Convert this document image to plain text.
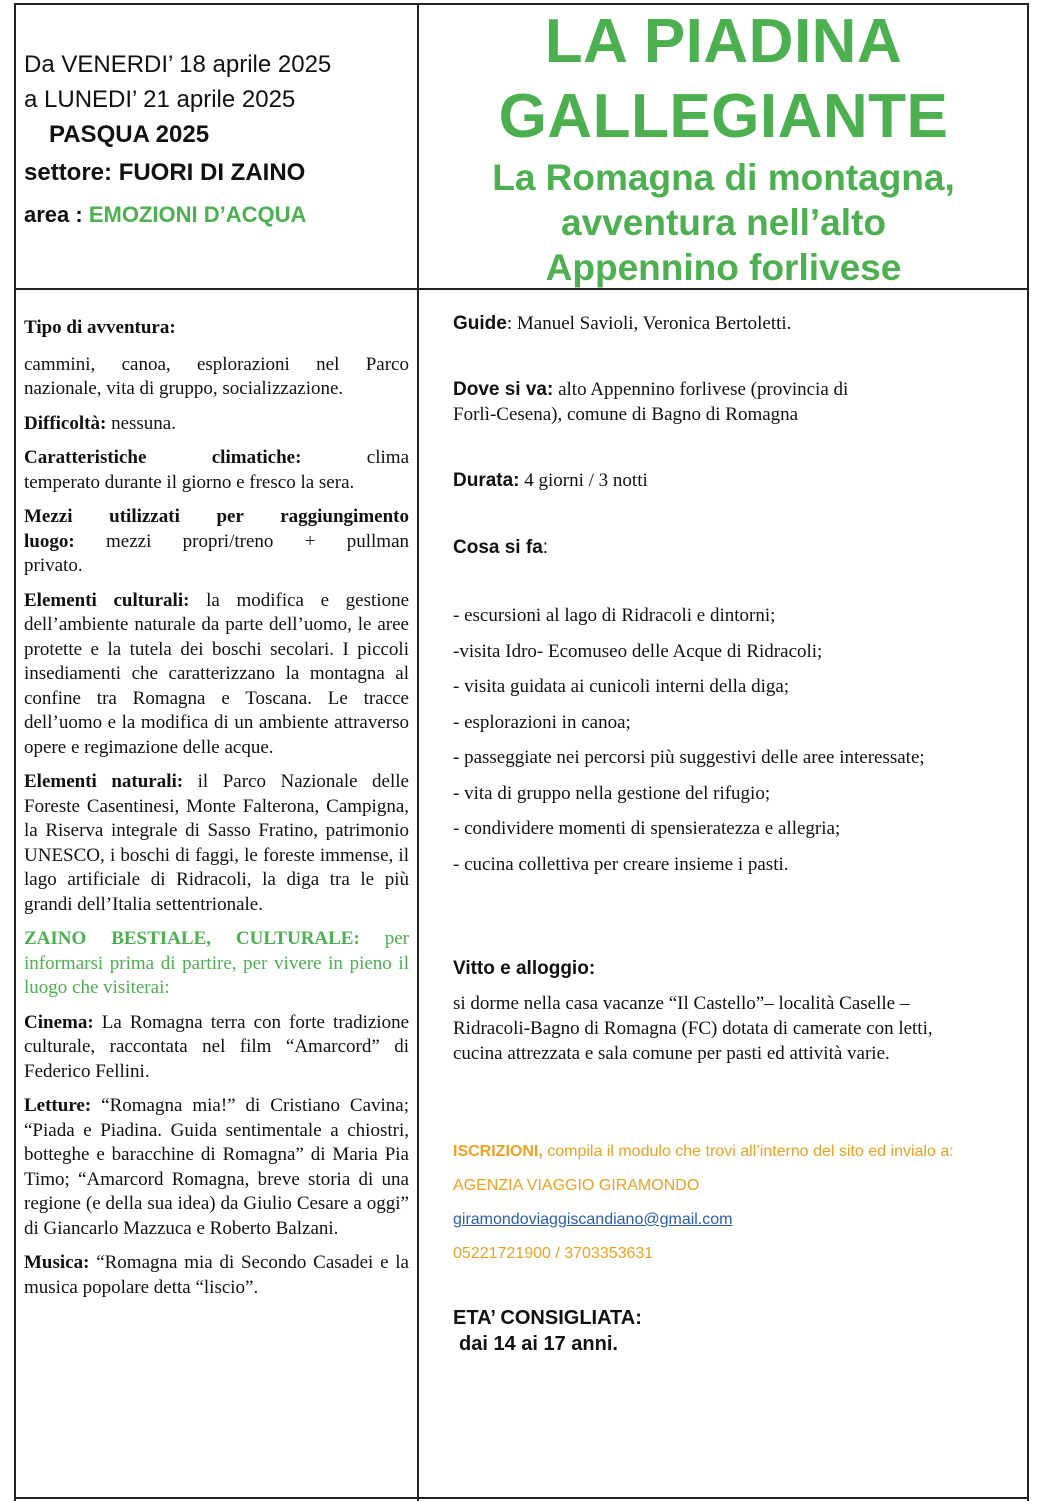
Da VENERDI’ 18 aprile 2025
a LUNEDI’ 21 aprile 2025
PASQUA 2025
settore: FUORI DI ZAINO
area : EMOZIONI D’ACQUA
LA PIADINA
GALLEGIANTE
La Romagna di montagna,
avventura nell’alto
Appennino forlivese

Tipo di avventura:

cammini, canoa, esplorazioni nel Parco
nazionale, vita di gruppo, socializzazione.

Difficoltà: nessuna.

Caratteristiche climatiche: clima
temperato durante il giorno e fresco la sera.

Mezzi utilizzati per raggiungimento
luogo: mezzi propri/treno + pullman
privato.

Elementi culturali: la modifica e gestione dell’ambiente naturale da parte dell’uomo, le aree protette e la tutela dei boschi secolari. I piccoli insediamenti che caratterizzano la montagna al confine tra Romagna e Toscana. Le tracce dell’uomo e la modifica di un ambiente attraverso opere e regimazione delle acque.

Elementi naturali: il Parco Nazionale delle Foreste Casentinesi, Monte Falterona, Campigna, la Riserva integrale di Sasso Fratino, patrimonio UNESCO, i boschi di faggi, le foreste immense, il lago artificiale di Ridracoli, la diga tra le più grandi dell’Italia settentrionale.

ZAINO BESTIALE, CULTURALE: per informarsi prima di partire, per vivere in pieno il luogo che visiterai:

Cinema: La Romagna terra con forte tradizione culturale, raccontata nel film “Amarcord” di Federico Fellini.

Letture: “Romagna mia!” di Cristiano Cavina; “Piada e Piadina. Guida sentimentale a chiostri, botteghe e baracchine di Romagna” di Maria Pia Timo; “Amarcord Romagna, breve storia di una regione (e della sua idea) da Giulio Cesare a oggi” di Giancarlo Mazzuca e Roberto Balzani.

Musica: “Romagna mia di Secondo Casadei e la musica popolare detta “liscio”.

Guide: Manuel Savioli, Veronica Bertoletti.
Dove si va: alto Appennino forlivese (provincia di
Forlì-Cesena), comune di Bagno di Romagna
Durata: 4 giorni / 3 notti
Cosa si fa:
- escursioni al lago di Ridracoli e dintorni;
-visita Idro- Ecomuseo delle Acque di Ridracoli;
- visita guidata ai cunicoli interni della diga;
- esplorazioni in canoa;
- passeggiate nei percorsi più suggestivi delle aree interessate;
- vita di gruppo nella gestione del rifugio;
- condividere momenti di spensieratezza e allegria;
- cucina collettiva per creare insieme i pasti.
Vitto e alloggio:
si dorme nella casa vacanze “Il Castello”– località Caselle –
Ridracoli-Bagno di Romagna (FC) dotata di camerate con letti,
cucina attrezzata e sala comune per pasti ed attività varie.
ISCRIZIONI, compila il modulo che trovi all’interno del sito ed invialo a:
AGENZIA VIAGGIO GIRAMONDO
giramondoviaggiscandiano@gmail.com
05221721900 / 3703353631
ETA’ CONSIGLIATA:
dai 14 ai 17 anni.
